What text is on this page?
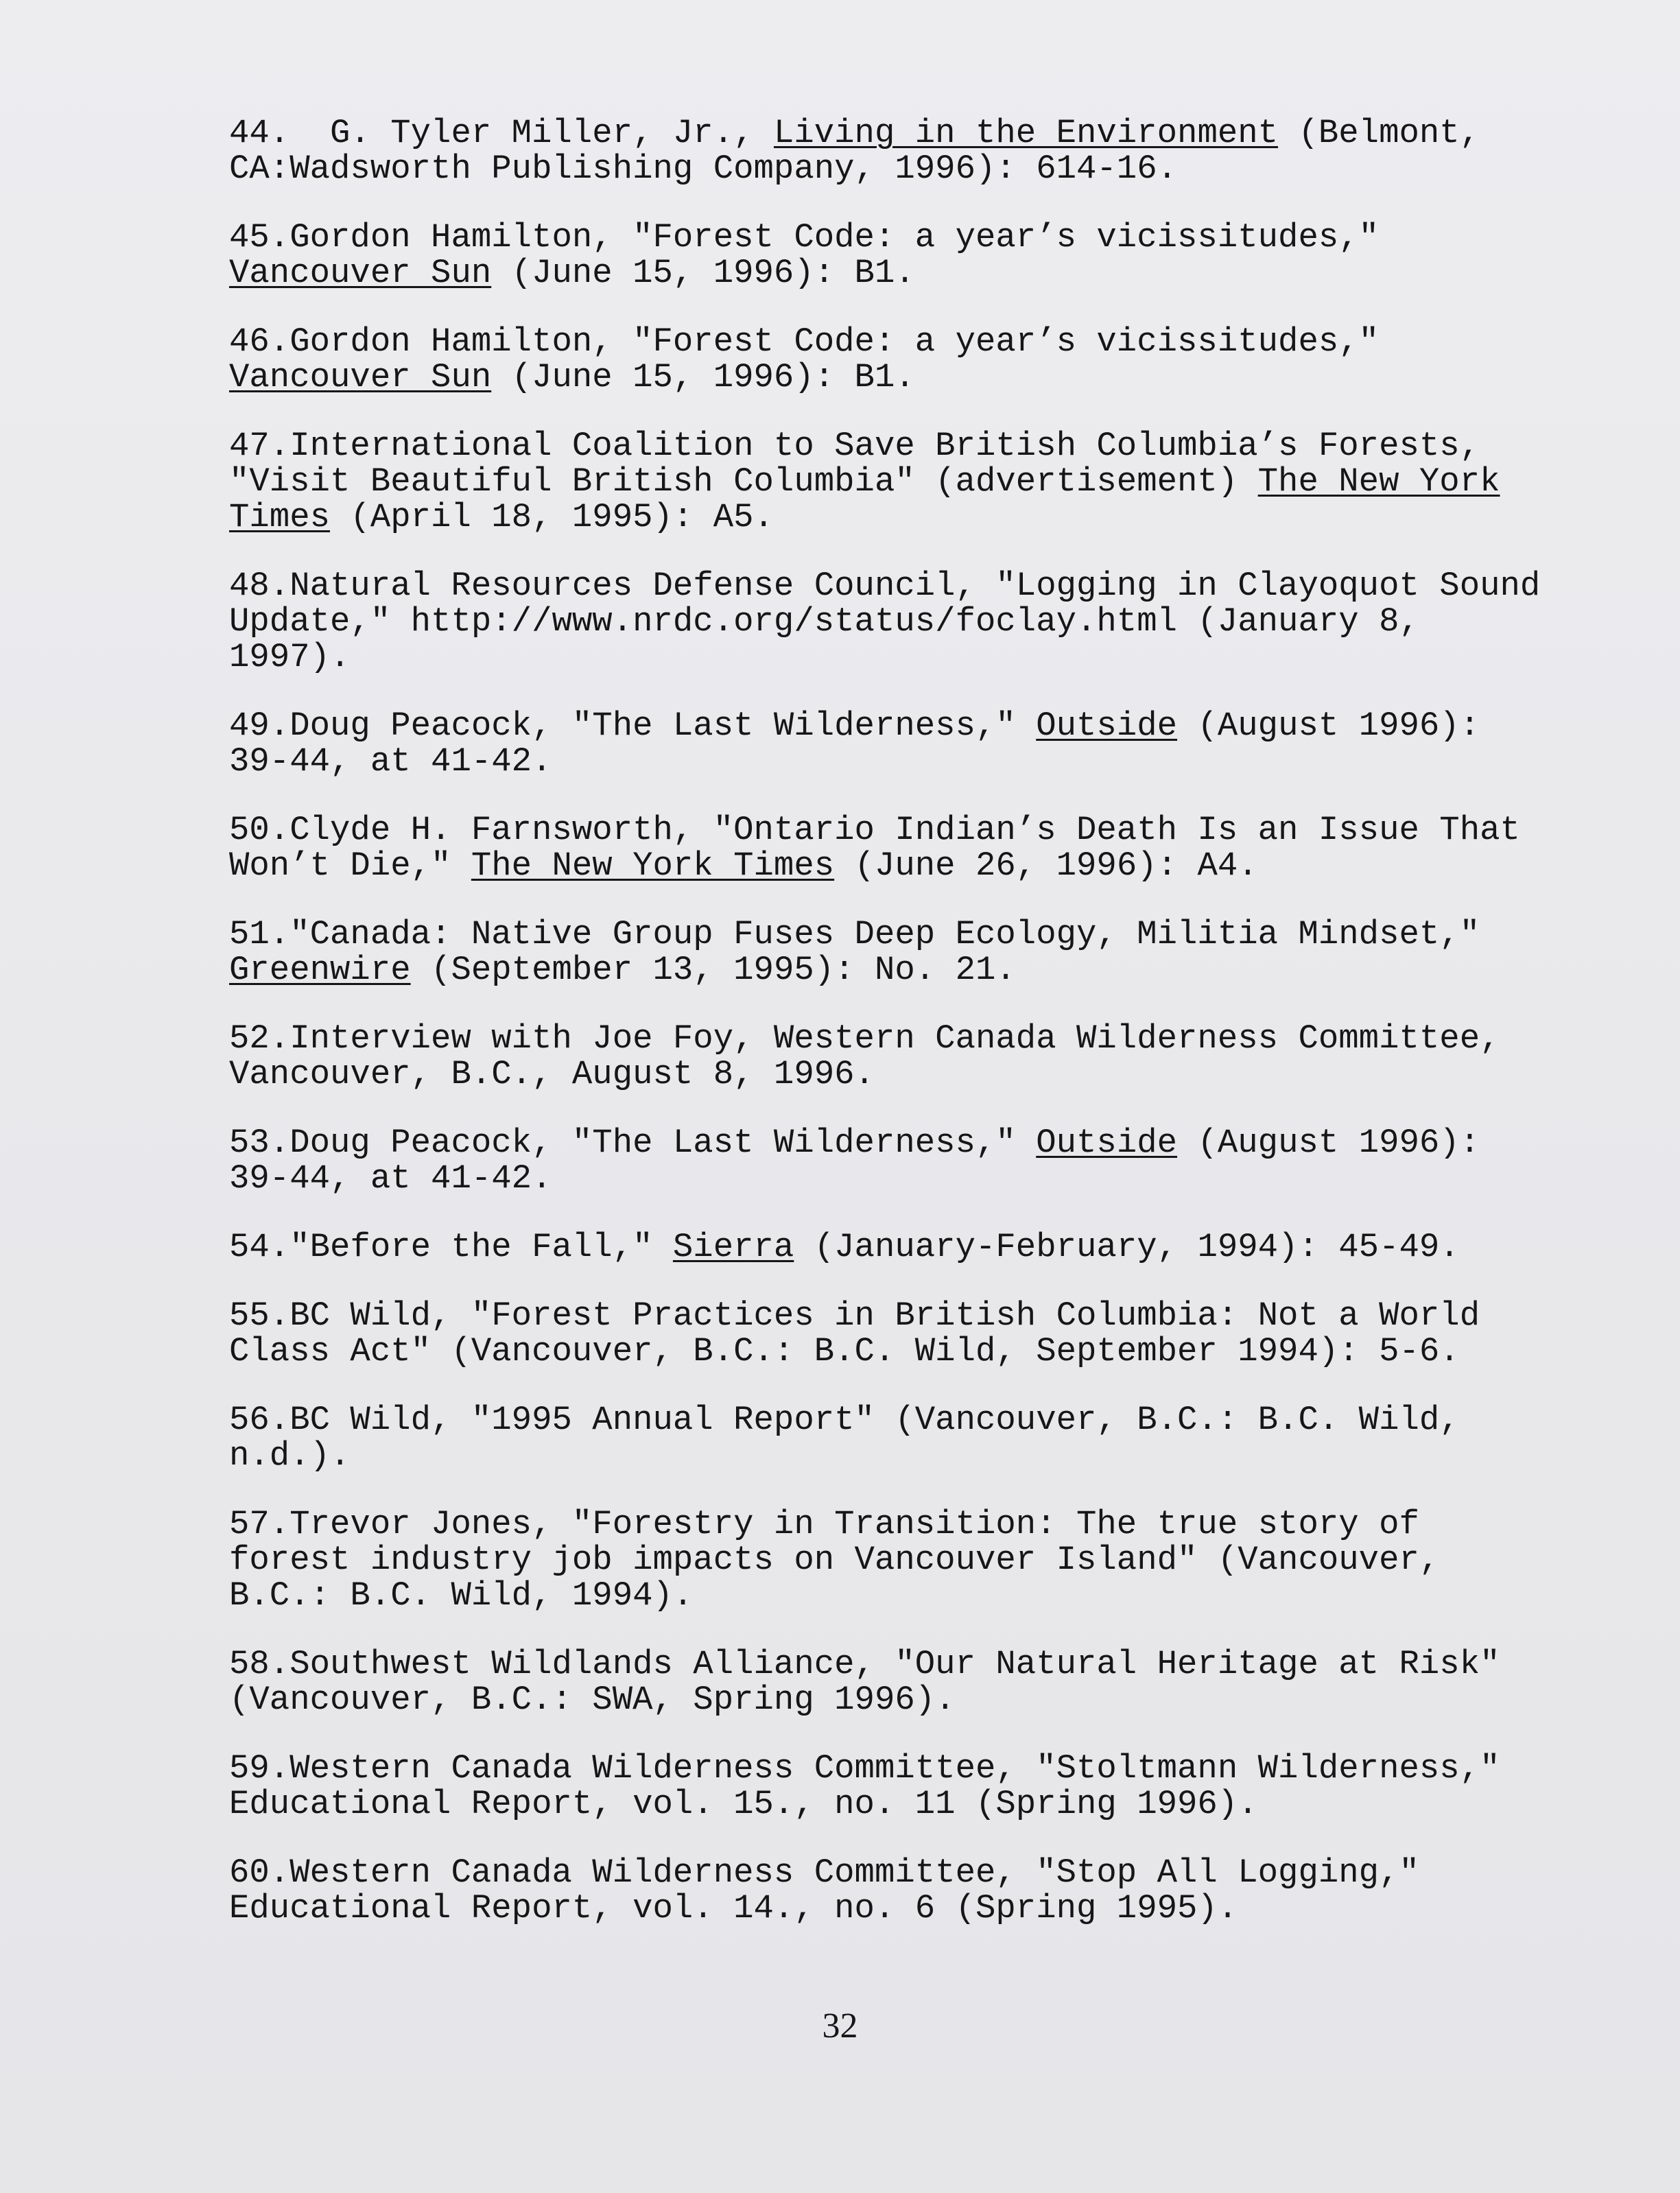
44.  G. Tyler Miller, Jr., Living in the Environment (Belmont,
CA:Wadsworth Publishing Company, 1996): 614-16.

45.Gordon Hamilton, "Forest Code: a year’s vicissitudes,"
Vancouver Sun (June 15, 1996): B1.

46.Gordon Hamilton, "Forest Code: a year’s vicissitudes,"
Vancouver Sun (June 15, 1996): B1.

47.International Coalition to Save British Columbia’s Forests,
"Visit Beautiful British Columbia" (advertisement) The New York
Times (April 18, 1995): A5.

48.Natural Resources Defense Council, "Logging in Clayoquot Sound
Update," http://www.nrdc.org/status/foclay.html (January 8,
1997).

49.Doug Peacock, "The Last Wilderness," Outside (August 1996):
39-44, at 41-42.

50.Clyde H. Farnsworth, "Ontario Indian’s Death Is an Issue That
Won’t Die," The New York Times (June 26, 1996): A4.

51."Canada: Native Group Fuses Deep Ecology, Militia Mindset,"
Greenwire (September 13, 1995): No. 21.

52.Interview with Joe Foy, Western Canada Wilderness Committee,
Vancouver, B.C., August 8, 1996.

53.Doug Peacock, "The Last Wilderness," Outside (August 1996):
39-44, at 41-42.

54."Before the Fall," Sierra (January-February, 1994): 45-49.

55.BC Wild, "Forest Practices in British Columbia: Not a World
Class Act" (Vancouver, B.C.: B.C. Wild, September 1994): 5-6.

56.BC Wild, "1995 Annual Report" (Vancouver, B.C.: B.C. Wild,
n.d.).

57.Trevor Jones, "Forestry in Transition: The true story of
forest industry job impacts on Vancouver Island" (Vancouver,
B.C.: B.C. Wild, 1994).

58.Southwest Wildlands Alliance, "Our Natural Heritage at Risk"
(Vancouver, B.C.: SWA, Spring 1996).

59.Western Canada Wilderness Committee, "Stoltmann Wilderness,"
Educational Report, vol. 15., no. 11 (Spring 1996).

60.Western Canada Wilderness Committee, "Stop All Logging,"
Educational Report, vol. 14., no. 6 (Spring 1995).

32
